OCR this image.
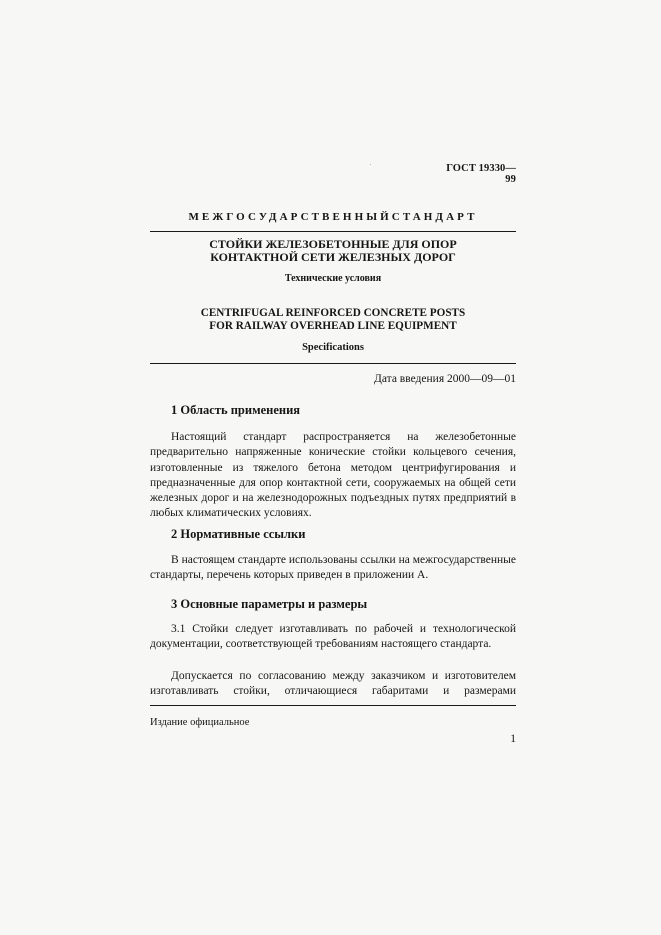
ГОСТ 19330—99
МЕЖГОСУДАРСТВЕННЫЙСТАНДАРТ
СТОЙКИ ЖЕЛЕЗОБЕТОННЫЕ ДЛЯ ОПОР
КОНТАКТНОЙ СЕТИ ЖЕЛЕЗНЫХ ДОРОГ
Технические условия
CENTRIFUGAL REINFORCED CONCRETE POSTS
FOR RAILWAY OVERHEAD LINE EQUIPMENT
Specifications
Дата введения 2000—09—01
1 Область применения

Настоящий стандарт распространяется на железобетонные предварительно напряженные конические стойки кольцевого сечения, изготовленные из тяжелого бетона методом центрифугирования и предназначенные для опор контактной сети, сооружаемых на общей сети железных дорог и на железнодорожных подъездных путях предприятий в любых климатических условиях.

2 Нормативные ссылки

В настоящем стандарте использованы ссылки на межгосударственные стандарты, перечень которых приведен в приложении А.

3 Основные параметры и размеры

3.1 Стойки следует изготавливать по рабочей и технологической документации, соответствующей требованиям настоящего стандарта.

Допускается по согласованию между заказчиком и изготовителем изготавливать стойки, отличающиеся габаритами и размерами

Издание официальное
1
